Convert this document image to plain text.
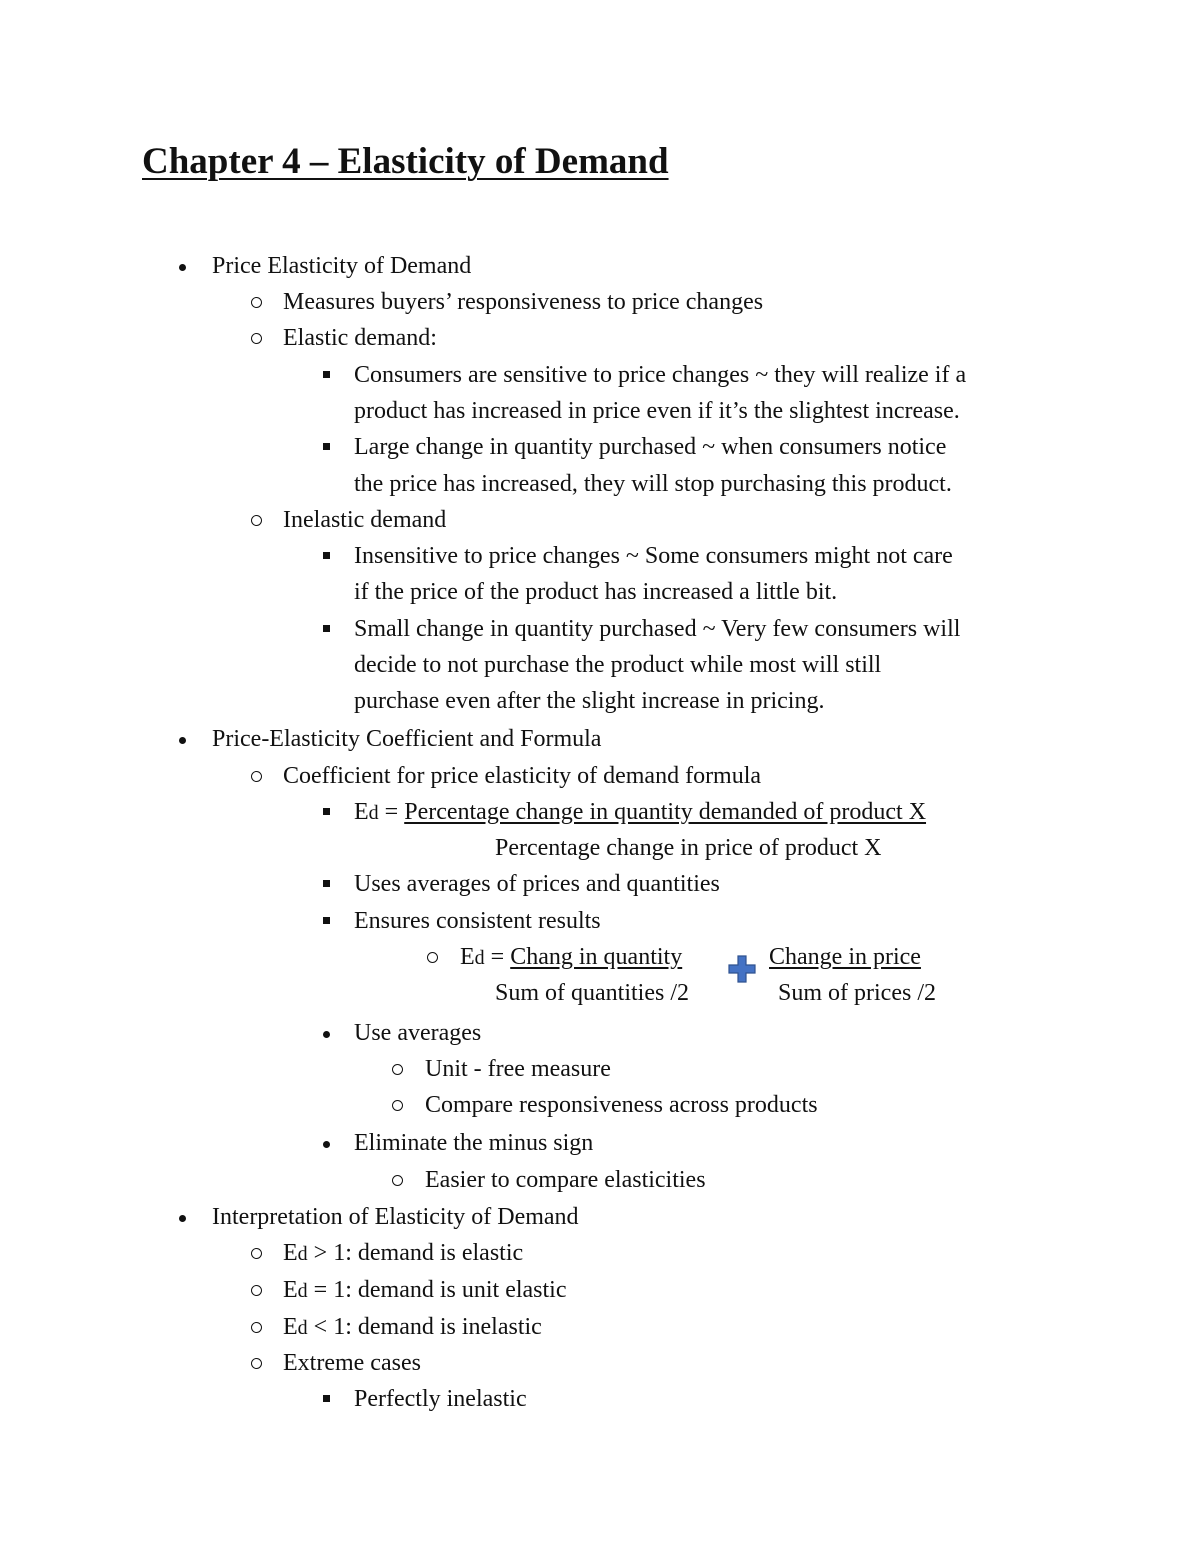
Chapter 4 – Elasticity of Demand
Price Elasticity of Demand
Measures buyers’ responsiveness to price changes
Elastic demand:
Consumers are sensitive to price changes ~ they will realize if a
product has increased in price even if it’s the slightest increase.
Large change in quantity purchased ~ when consumers notice
the price has increased, they will stop purchasing this product.
Inelastic demand
Insensitive to price changes ~ Some consumers might not care
if the price of the product has increased a little bit.
Small change in quantity purchased ~ Very few consumers will
decide to not purchase the product while most will still
purchase even after the slight increase in pricing.
Price-Elasticity Coefficient and Formula
Coefficient for price elasticity of demand formula
Ed = Percentage change in quantity demanded of product X
Percentage change in price of product X
Uses averages of prices and quantities
Ensures consistent results
Ed = Chang in quantity	Change in price
Sum of quantities /2	Sum of prices /2
Use averages
Unit - free measure
Compare responsiveness across products
Eliminate the minus sign
Easier to compare elasticities
Interpretation of Elasticity of Demand
Ed > 1: demand is elastic
Ed = 1: demand is unit elastic
Ed < 1: demand is inelastic
Extreme cases
Perfectly inelastic
